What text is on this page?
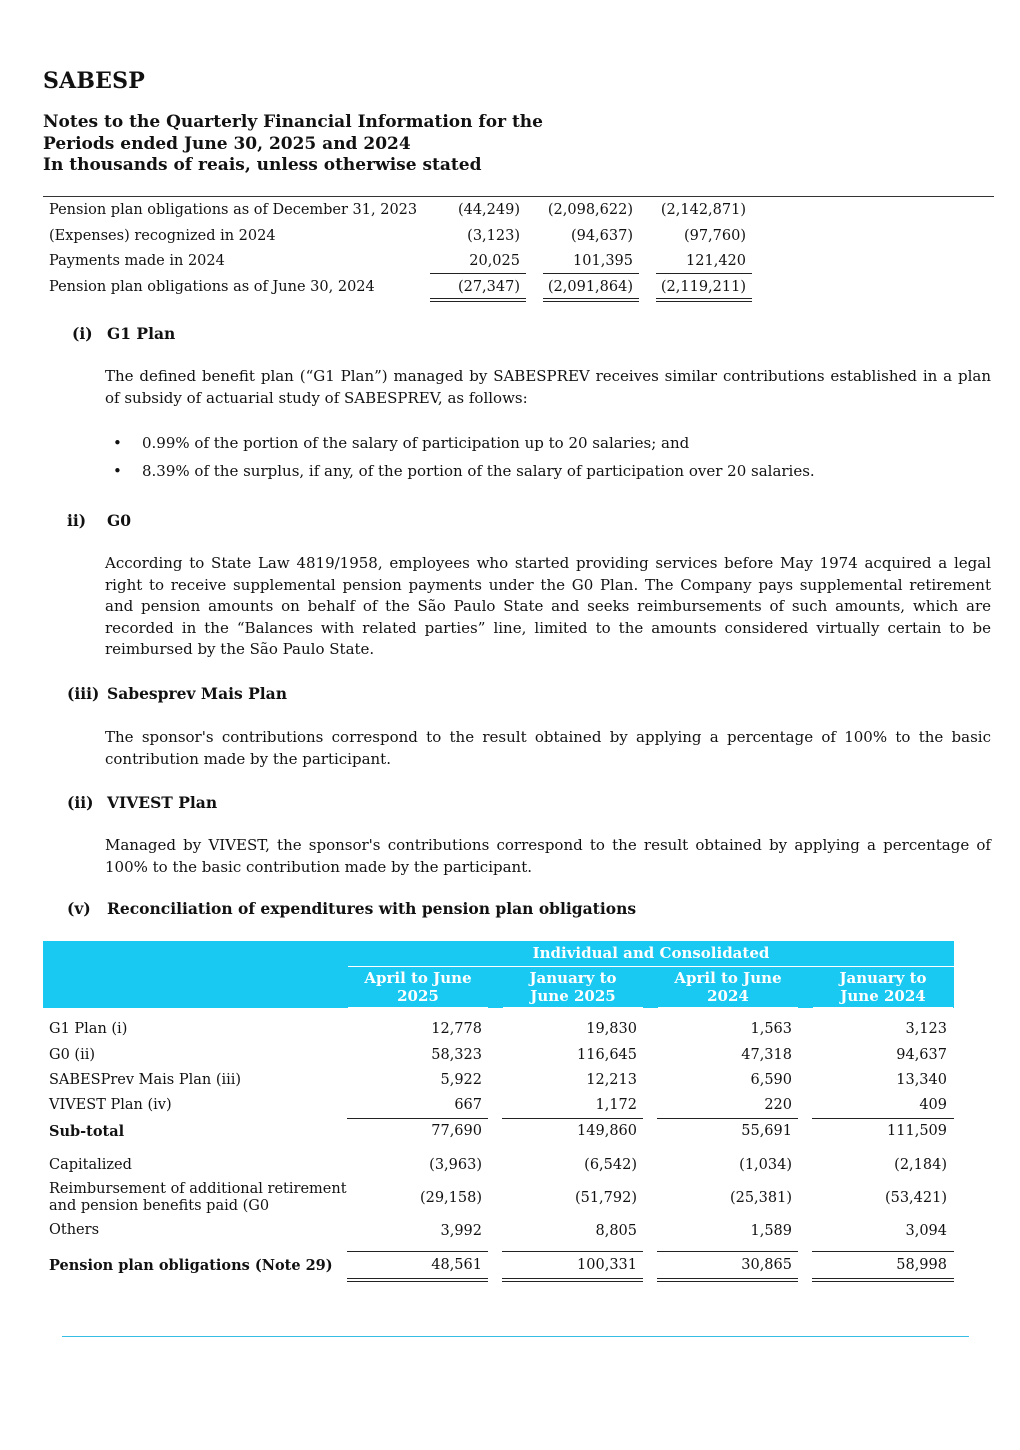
SABESP
Notes to the Quarterly Financial Information for the
Periods ended June 30, 2025 and 2024
In thousands of reais, unless otherwise stated
Pension plan obligations as of December 31, 2023	(44,249)	(2,098,622)	(2,142,871)
(Expenses) recognized in 2024	(3,123)	(94,637)	(97,760)
Payments made in 2024	20,025	101,395	121,420
Pension plan obligations as of June 30, 2024	(27,347)	(2,091,864)	(2,119,211)
(i) G1 Plan
The defined benefit plan (“G1 Plan”) managed by SABESPREV receives similar contributions established in a plan of subsidy of actuarial study of SABESPREV, as follows:
• 0.99% of the portion of the salary of participation up to 20 salaries; and
• 8.39% of the surplus, if any, of the portion of the salary of participation over 20 salaries.
ii) G0
According to State Law 4819/1958, employees who started providing services before May 1974 acquired a legal right to receive supplemental pension payments under the G0 Plan. The Company pays supplemental retirement and pension amounts on behalf of the São Paulo State and seeks reimbursements of such amounts, which are recorded in the “Balances with related parties” line, limited to the amounts considered virtually certain to be reimbursed by the São Paulo State.
(iii) Sabesprev Mais Plan
The sponsor's contributions correspond to the result obtained by applying a percentage of 100% to the basic contribution made by the participant.
(ii) VIVEST Plan
Managed by VIVEST, the sponsor's contributions correspond to the result obtained by applying a percentage of 100% to the basic contribution made by the participant.
(v) Reconciliation of expenditures with pension plan obligations
Individual and Consolidated
April to June
2025
January to
June 2025
April to June
2024
January to
June 2024
G1 Plan (i)	12,778	19,830	1,563	3,123
G0 (ii)	58,323	116,645	47,318	94,637
SABESPrev Mais Plan (iii)	5,922	12,213	6,590	13,340
VIVEST Plan (iv)	667	1,172	220	409
Sub-total	77,690	149,860	55,691	111,509
Capitalized	(3,963)	(6,542)	(1,034)	(2,184)
Reimbursement of additional retirement
and pension benefits paid (G0	(29,158)	(51,792)	(25,381)	(53,421)
Others	3,992	8,805	1,589	3,094
Pension plan obligations (Note 29)	48,561	100,331	30,865	58,998
